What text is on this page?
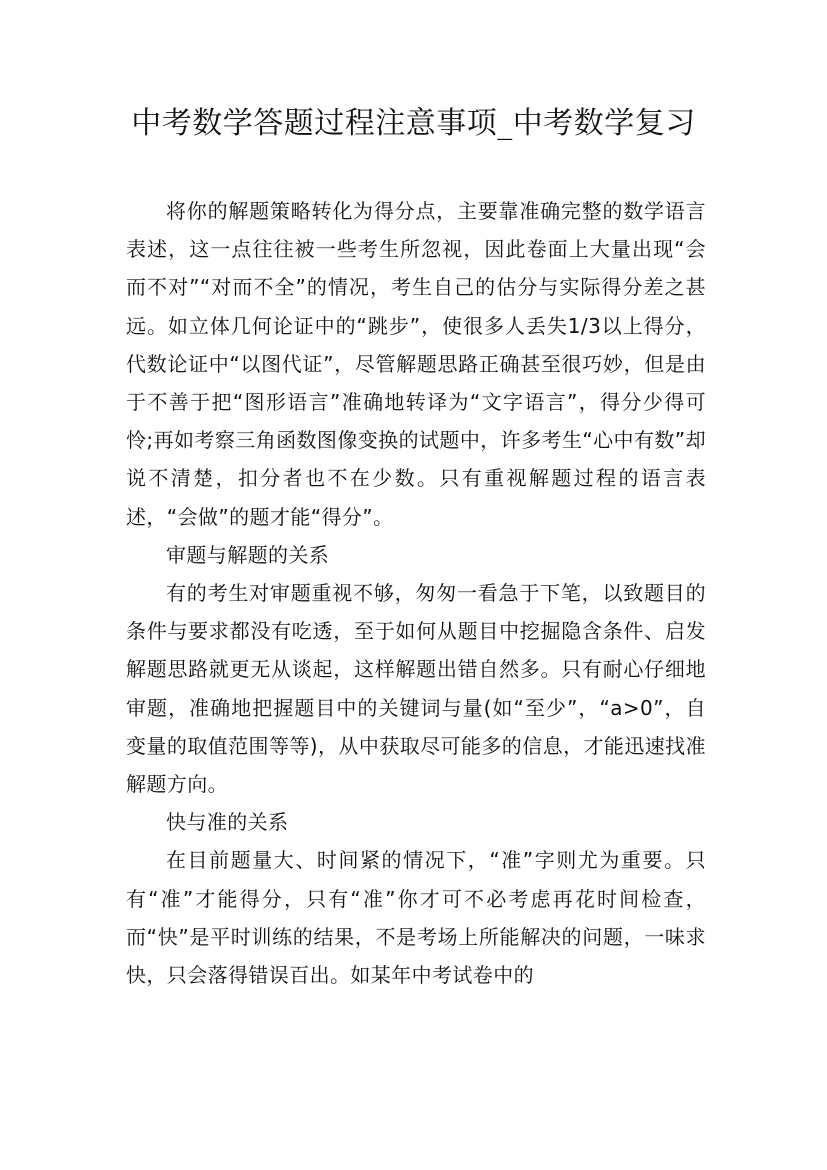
中考数学答题过程注意事项_中考数学复习

将你的解题策略转化为得分点，主要靠准确完整的数学语言表述，这一点往往被一些考生所忽视，因此卷面上大量出现“会而不对”“对而不全”的情况，考生自己的估分与实际得分差之甚远。如立体几何论证中的“跳步”，使很多人丢失1/3以上得分，代数论证中“以图代证”，尽管解题思路正确甚至很巧妙，但是由于不善于把“图形语言”准确地转译为“文字语言”，得分少得可怜;再如考察三角函数图像变换的试题中，许多考生“心中有数”却说不清楚，扣分者也不在少数。只有重视解题过程的语言表述，“会做”的题才能“得分”。

审题与解题的关系

有的考生对审题重视不够，匆匆一看急于下笔，以致题目的条件与要求都没有吃透，至于如何从题目中挖掘隐含条件、启发解题思路就更无从谈起，这样解题出错自然多。只有耐心仔细地审题，准确地把握题目中的关键词与量(如“至少”，“a>0”，自变量的取值范围等等)，从中获取尽可能多的信息，才能迅速找准解题方向。

快与准的关系

在目前题量大、时间紧的情况下，“准”字则尤为重要。只有“准”才能得分，只有“准”你才可不必考虑再花时间检查，而“快”是平时训练的结果，不是考场上所能解决的问题，一味求快，只会落得错误百出。如某年中考试卷中的
